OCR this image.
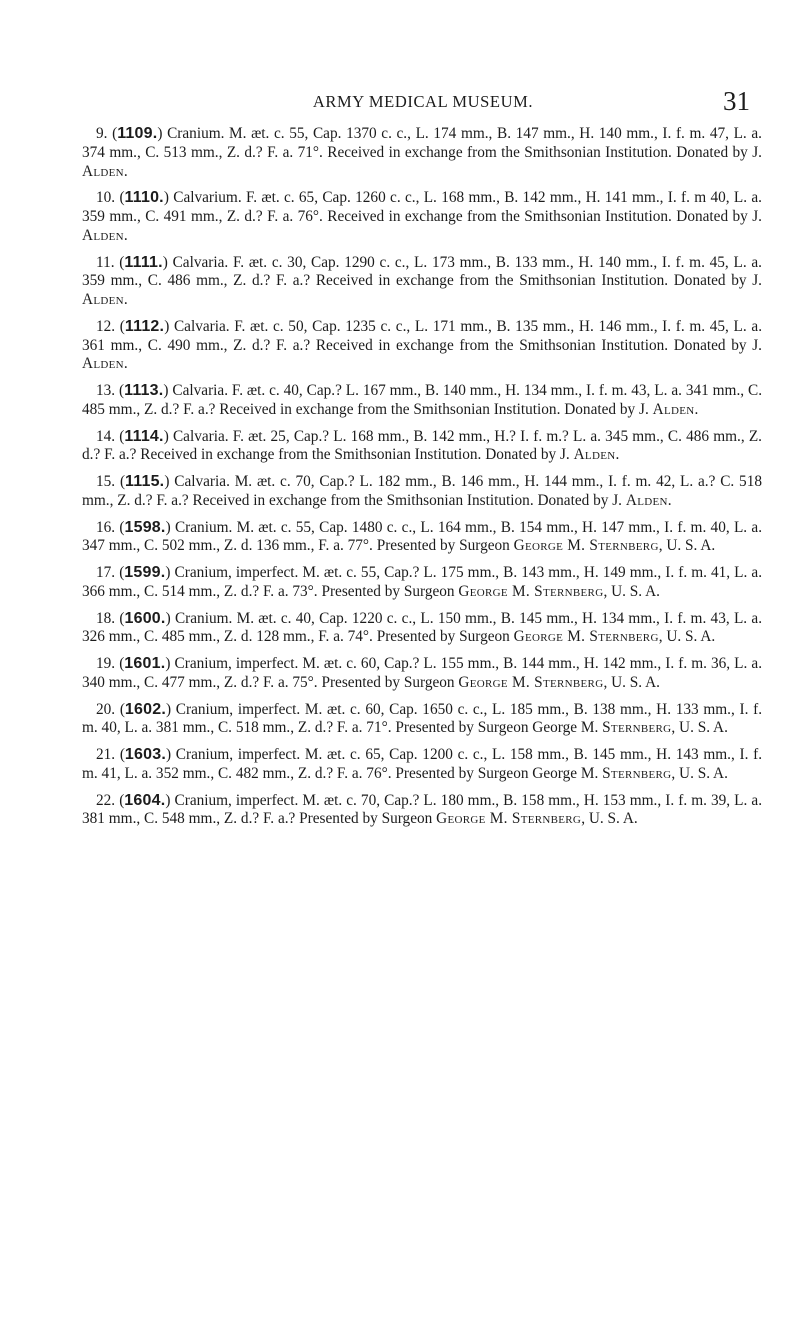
ARMY MEDICAL MUSEUM.	31

9. (1109.) Cranium. M. æt. c. 55, Cap. 1370 c. c., L. 174 mm., B. 147 mm., H. 140 mm., I. f. m. 47, L. a. 374 mm., C. 513 mm., Z. d.? F. a. 71°. Received in exchange from the Smithsonian Institution. Donated by J. Alden.

10. (1110.) Calvarium. F. æt. c. 65, Cap. 1260 c. c., L. 168 mm., B. 142 mm., H. 141 mm., I. f. m 40, L. a. 359 mm., C. 491 mm., Z. d.? F. a. 76°. Received in exchange from the Smithsonian Institution. Donated by J. Alden.

11. (1111.) Calvaria. F. æt. c. 30, Cap. 1290 c. c., L. 173 mm., B. 133 mm., H. 140 mm., I. f. m. 45, L. a. 359 mm., C. 486 mm., Z. d.? F. a.? Received in exchange from the Smithsonian Institution. Donated by J. Alden.

12. (1112.) Calvaria. F. æt. c. 50, Cap. 1235 c. c., L. 171 mm., B. 135 mm., H. 146 mm., I. f. m. 45, L. a. 361 mm., C. 490 mm., Z. d.? F. a.? Received in exchange from the Smithsonian Institution. Donated by J. Alden.

13. (1113.) Calvaria. F. æt. c. 40, Cap.? L. 167 mm., B. 140 mm., H. 134 mm., I. f. m. 43, L. a. 341 mm., C. 485 mm., Z. d.? F. a.? Received in exchange from the Smithsonian Institution. Donated by J. Alden.

14. (1114.) Calvaria. F. æt. 25, Cap.? L. 168 mm., B. 142 mm., H.? I. f. m.? L. a. 345 mm., C. 486 mm., Z. d.? F. a.? Received in exchange from the Smithsonian Institution. Donated by J. Alden.

15. (1115.) Calvaria. M. æt. c. 70, Cap.? L. 182 mm., B. 146 mm., H. 144 mm., I. f. m. 42, L. a.? C. 518 mm., Z. d.? F. a.? Received in exchange from the Smithsonian Institution. Donated by J. Alden.

16. (1598.) Cranium. M. æt. c. 55, Cap. 1480 c. c., L. 164 mm., B. 154 mm., H. 147 mm., I. f. m. 40, L. a. 347 mm., C. 502 mm., Z. d. 136 mm., F. a. 77°. Presented by Surgeon George M. Sternberg, U. S. A.

17. (1599.) Cranium, imperfect. M. æt. c. 55, Cap.? L. 175 mm., B. 143 mm., H. 149 mm., I. f. m. 41, L. a. 366 mm., C. 514 mm., Z. d.? F. a. 73°. Presented by Surgeon George M. Sternberg, U. S. A.

18. (1600.) Cranium. M. æt. c. 40, Cap. 1220 c. c., L. 150 mm., B. 145 mm., H. 134 mm., I. f. m. 43, L. a. 326 mm., C. 485 mm., Z. d. 128 mm., F. a. 74°. Presented by Surgeon George M. Sternberg, U. S. A.

19. (1601.) Cranium, imperfect. M. æt. c. 60, Cap.? L. 155 mm., B. 144 mm., H. 142 mm., I. f. m. 36, L. a. 340 mm., C. 477 mm., Z. d.? F. a. 75°. Presented by Surgeon George M. Sternberg, U. S. A.

20. (1602.) Cranium, imperfect. M. æt. c. 60, Cap. 1650 c. c., L. 185 mm., B. 138 mm., H. 133 mm., I. f. m. 40, L. a. 381 mm., C. 518 mm., Z. d.? F. a. 71°. Presented by Surgeon George M. Sternberg, U. S. A.

21. (1603.) Cranium, imperfect. M. æt. c. 65, Cap. 1200 c. c., L. 158 mm., B. 145 mm., H. 143 mm., I. f. m. 41, L. a. 352 mm., C. 482 mm., Z. d.? F. a. 76°. Presented by Surgeon George M. Sternberg, U. S. A.

22. (1604.) Cranium, imperfect. M. æt. c. 70, Cap.? L. 180 mm., B. 158 mm., H. 153 mm., I. f. m. 39, L. a. 381 mm., C. 548 mm., Z. d.? F. a.? Presented by Surgeon George M. Sternberg, U. S. A.
